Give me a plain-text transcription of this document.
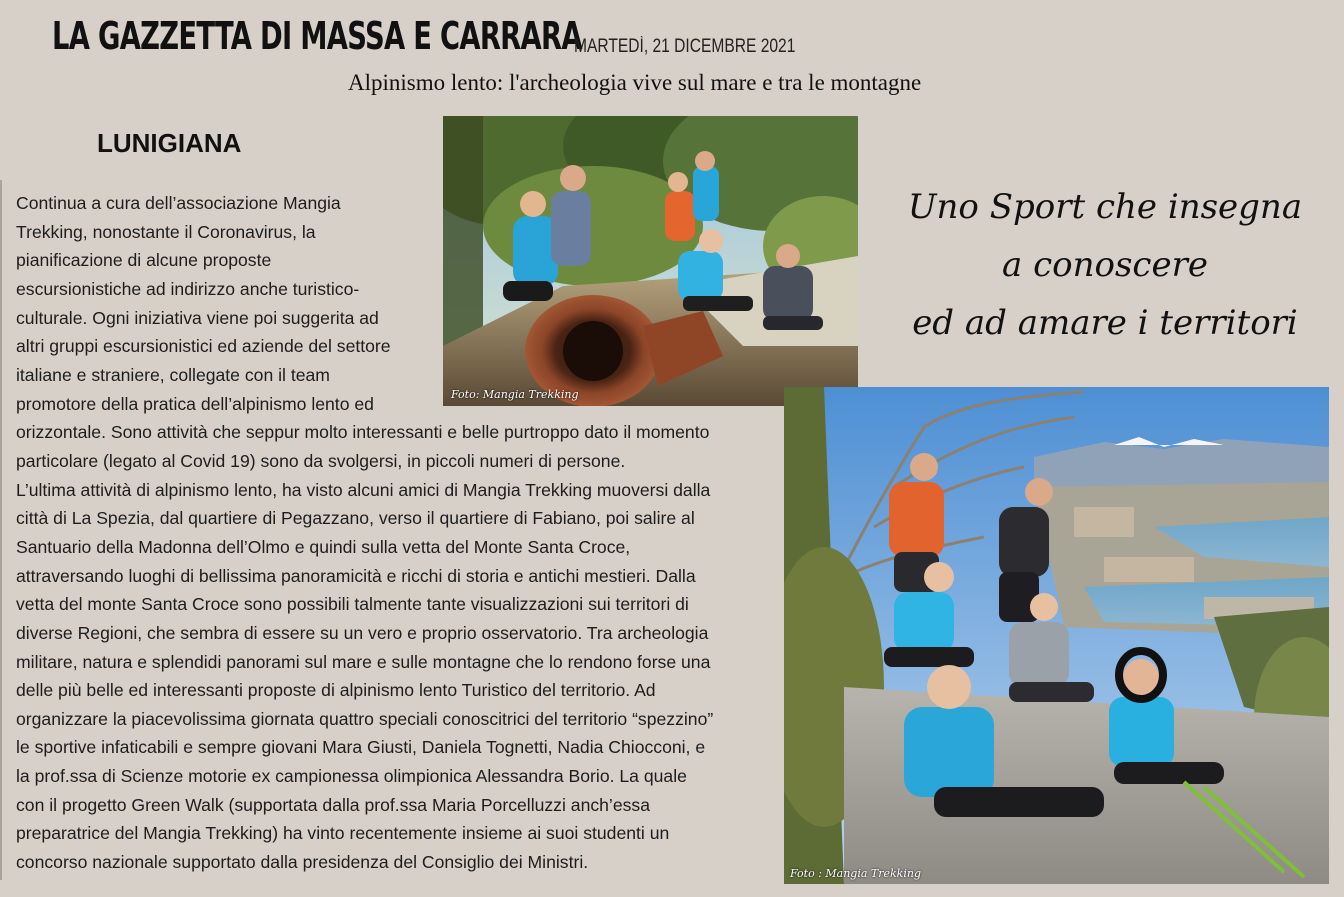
LA GAZZETTA DI MASSA E CARRARA
MARTEDÌ, 21 DICEMBRE 2021
Alpinismo lento: l'archeologia vive sul mare e tra le montagne
LUNIGIANA
Continua a cura dell’associazione Mangia
Trekking, nonostante il Coronavirus, la
pianificazione di alcune proposte
escursionistiche ad indirizzo anche turistico-
culturale. Ogni iniziativa viene poi suggerita ad
altri gruppi escursionistici ed aziende del settore
italiane e straniere, collegate con il team
promotore della pratica dell’alpinismo lento ed
orizzontale. Sono attività che seppur molto interessanti e belle purtroppo dato il momento
particolare (legato al Covid 19) sono da svolgersi, in piccoli numeri di persone.
L’ultima attività di alpinismo lento, ha visto alcuni amici di Mangia Trekking muoversi dalla
città di La Spezia, dal quartiere di Pegazzano, verso il quartiere di Fabiano, poi salire al
Santuario della Madonna dell’Olmo e quindi sulla vetta del Monte Santa Croce,
attraversando luoghi di bellissima panoramicità e ricchi di storia e antichi mestieri. Dalla
vetta del monte Santa Croce sono possibili talmente tante visualizzazioni sui territori di
diverse Regioni, che sembra di essere su un vero e proprio osservatorio. Tra archeologia
militare, natura e splendidi panorami sul mare e sulle montagne che lo rendono forse una
delle più belle ed interessanti proposte di alpinismo lento Turistico del territorio. Ad
organizzare la piacevolissima giornata quattro speciali conoscitrici del territorio “spezzino”
le sportive infaticabili e sempre giovani Mara Giusti, Daniela Tognetti, Nadia Chiocconi, e
la prof.ssa di Scienze motorie ex campionessa olimpionica Alessandra Borio. La quale
con il progetto Green Walk (supportata dalla prof.ssa Maria Porcelluzzi anch’essa
preparatrice del Mangia Trekking) ha vinto recentemente insieme ai suoi studenti un
concorso nazionale supportato dalla presidenza del Consiglio dei Ministri.
Uno Sport che insegna
a conoscere
ed ad amare i territori
Foto: Mangia Trekking
Foto : Mangia Trekking
